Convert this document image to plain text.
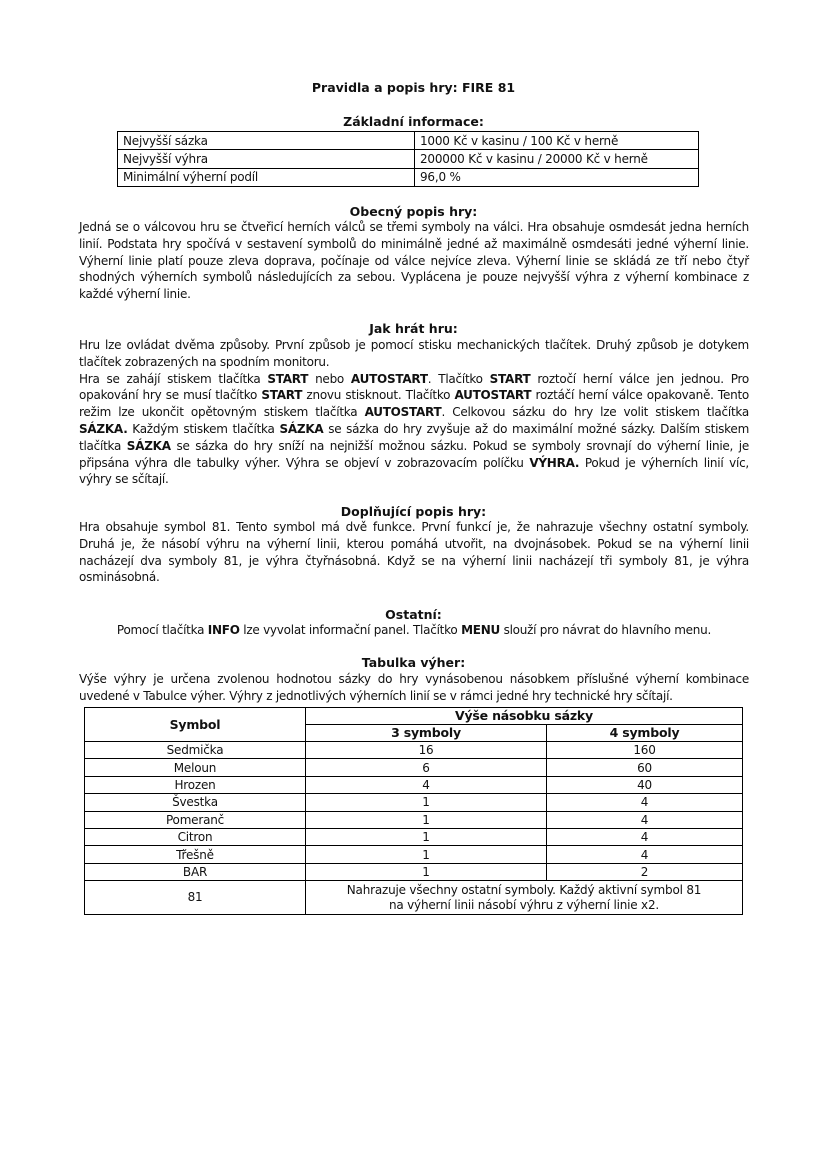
Pravidla a popis hry: FIRE 81
Základní informace:
Nejvyšší sázka	1000 Kč v kasinu / 100 Kč v herně
Nejvyšší výhra	200000 Kč v kasinu / 20000 Kč v herně
Minimální výherní podíl	96,0 %
Obecný popis hry:
Jedná se o válcovou hru se čtveřicí herních válců se třemi symboly na válci. Hra obsahuje osmdesát jedna herních linií. Podstata hry spočívá v sestavení symbolů do minimálně jedné až maximálně osmdesáti jedné výherní linie. Výherní linie platí pouze zleva doprava, počínaje od válce nejvíce zleva. Výherní linie se skládá ze tří nebo čtyř shodných výherních symbolů následujících za sebou. Vyplácena je pouze nejvyšší výhra z výherní kombinace z každé výherní linie.
Jak hrát hru:
Hru lze ovládat dvěma způsoby. První způsob je pomocí stisku mechanických tlačítek. Druhý způsob je dotykem tlačítek zobrazených na spodním monitoru.
Hra se zahájí stiskem tlačítka START nebo AUTOSTART. Tlačítko START roztočí herní válce jen jednou. Pro opakování hry se musí tlačítko START znovu stisknout. Tlačítko AUTOSTART roztáčí herní válce opakovaně. Tento režim lze ukončit opětovným stiskem tlačítka AUTOSTART. Celkovou sázku do hry lze volit stiskem tlačítka SÁZKA. Každým stiskem tlačítka SÁZKA se sázka do hry zvyšuje až do maximální možné sázky. Dalším stiskem tlačítka SÁZKA se sázka do hry sníží na nejnižší možnou sázku. Pokud se symboly srovnají do výherní linie, je připsána výhra dle tabulky výher. Výhra se objeví v zobrazovacím políčku VÝHRA. Pokud je výherních linií víc, výhry se sčítají.
Doplňující popis hry:
Hra obsahuje symbol 81. Tento symbol má dvě funkce. První funkcí je, že nahrazuje všechny ostatní symboly. Druhá je, že násobí výhru na výherní linii, kterou pomáhá utvořit, na dvojnásobek. Pokud se na výherní linii nacházejí dva symboly 81, je výhra čtyřnásobná. Když se na výherní linii nacházejí tři symboly 81, je výhra osminásobná.
Ostatní:
Pomocí tlačítka INFO lze vyvolat informační panel. Tlačítko MENU slouží pro návrat do hlavního menu.
Tabulka výher:
Výše výhry je určena zvolenou hodnotou sázky do hry vynásobenou násobkem příslušné výherní kombinace uvedené v Tabulce výher. Výhry z jednotlivých výherních linií se v rámci jedné hry technické hry sčítají.
Symbol	Výše násobku sázky	
	3 symboly	4 symboly
Sedmička	16	160
Meloun	6	60
Hrozen	4	40
Švestka	1	4
Pomeranč	1	4
Citron	1	4
Třešně	1	4
BAR	1	2
81	Nahrazuje všechny ostatní symboly. Každý aktivní symbol 81
na výherní linii násobí výhru z výherní linie x2.	
